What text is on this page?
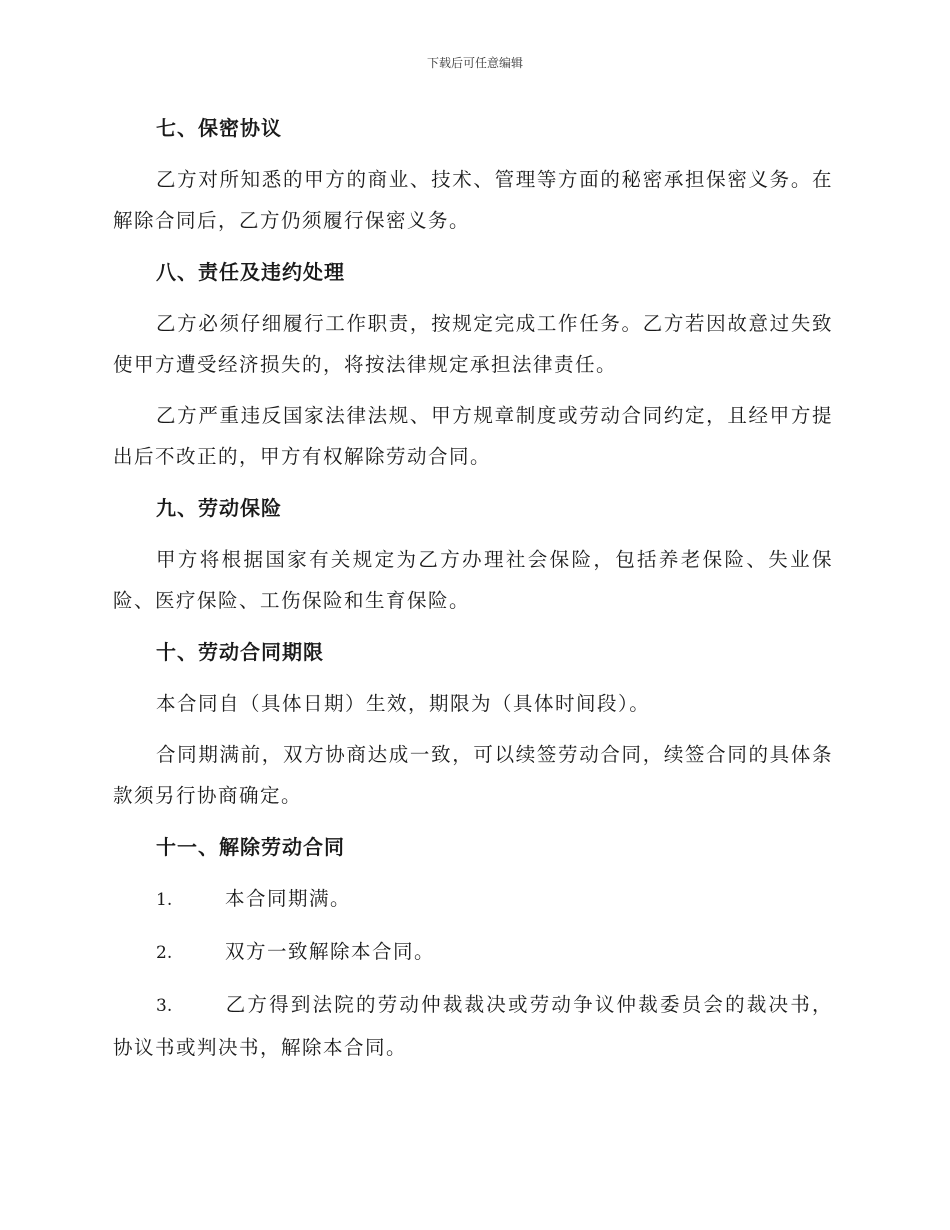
下载后可任意编辑
七、保密协议

乙方对所知悉的甲方的商业、技术、管理等方面的秘密承担保密义务。在解除合同后，乙方仍须履行保密义务。

八、责任及违约处理

乙方必须仔细履行工作职责，按规定完成工作任务。乙方若因故意过失致使甲方遭受经济损失的，将按法律规定承担法律责任。

乙方严重违反国家法律法规、甲方规章制度或劳动合同约定，且经甲方提出后不改正的，甲方有权解除劳动合同。

九、劳动保险

甲方将根据国家有关规定为乙方办理社会保险，包括养老保险、失业保险、医疗保险、工伤保险和生育保险。

十、劳动合同期限

本合同自（具体日期）生效，期限为（具体时间段）。

合同期满前，双方协商达成一致，可以续签劳动合同，续签合同的具体条款须另行协商确定。

十一、解除劳动合同

1.	本合同期满。

2.	双方一致解除本合同。

3.	乙方得到法院的劳动仲裁裁决或劳动争议仲裁委员会的裁决书，协议书或判决书，解除本合同。
